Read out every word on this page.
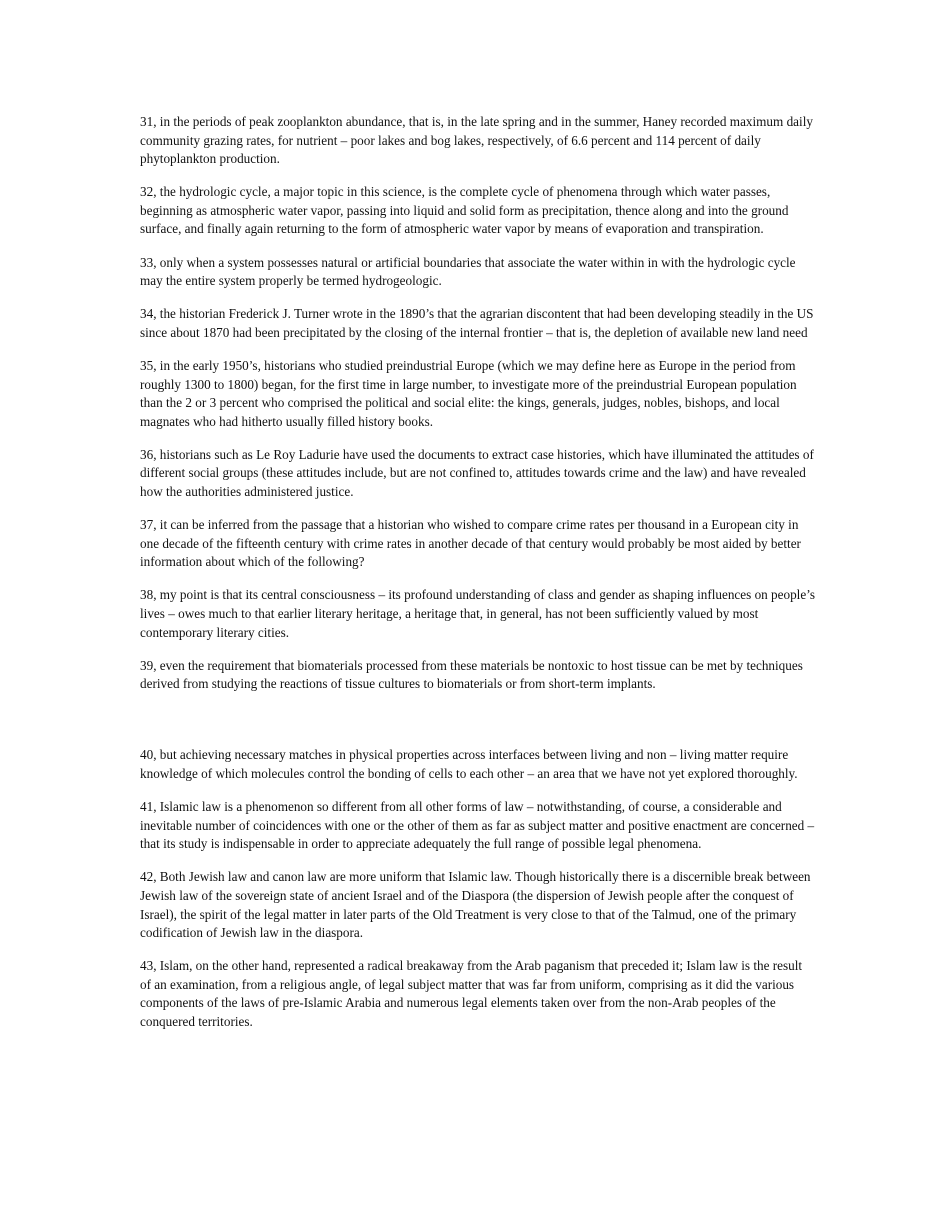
31, in the periods of peak zooplankton abundance, that is, in the late spring and in the summer, Haney recorded maximum daily community grazing rates, for nutrient – poor lakes and bog lakes, respectively, of 6.6 percent and 114 percent of daily phytoplankton production.

32, the hydrologic cycle, a major topic in this science, is the complete cycle of phenomena through which water passes, beginning as atmospheric water vapor, passing into liquid and solid form as precipitation, thence along and into the ground surface, and finally again returning to the form of atmospheric water vapor by means of evaporation and transpiration.

33, only when a system possesses natural or artificial boundaries that associate the water within in with the hydrologic cycle may the entire system properly be termed hydrogeologic.

34, the historian Frederick J. Turner wrote in the 1890’s that the agrarian discontent that had been developing steadily in the US since about 1870 had been precipitated by the closing of the internal frontier – that is, the depletion of available new land need

35, in the early 1950’s, historians who studied preindustrial Europe (which we may define here as Europe in the period from roughly 1300 to 1800) began, for the first time in large number, to investigate more of the preindustrial European population than the 2 or 3 percent who comprised the political and social elite: the kings, generals, judges, nobles, bishops, and local magnates who had hitherto usually filled history books.

36, historians such as Le Roy Ladurie have used the documents to extract case histories, which have illuminated the attitudes of different social groups (these attitudes include, but are not confined to, attitudes towards crime and the law) and have revealed how the authorities administered justice.

37, it can be inferred from the passage that a historian who wished to compare crime rates per thousand in a European city in one decade of the fifteenth century with crime rates in another decade of that century would probably be most aided by better information about which of the following?

38, my point is that its central consciousness – its profound understanding of class and gender as shaping influences on people’s lives – owes much to that earlier literary heritage, a heritage that, in general, has not been sufficiently valued by most contemporary literary cities.

39, even the requirement that biomaterials processed from these materials be nontoxic to host tissue can be met by techniques derived from studying the reactions of tissue cultures to biomaterials or from short-term implants.

40, but achieving necessary matches in physical properties across interfaces between living and non – living matter require knowledge of which molecules control the bonding of cells to each other – an area that we have not yet explored thoroughly.

41, Islamic law is a phenomenon so different from all other forms of law – notwithstanding, of course, a considerable and inevitable number of coincidences with one or the other of them as far as subject matter and positive enactment are concerned – that its study is indispensable in order to appreciate adequately the full range of possible legal phenomena.

42, Both Jewish law and canon law are more uniform that Islamic law. Though historically there is a discernible break between Jewish law of the sovereign state of ancient Israel and of the Diaspora (the dispersion of Jewish people after the conquest of Israel), the spirit of the legal matter in later parts of the Old Treatment is very close to that of the Talmud, one of the primary codification of Jewish law in the diaspora.

43, Islam, on the other hand, represented a radical breakaway from the Arab paganism that preceded it; Islam law is the result of an examination, from a religious angle, of legal subject matter that was far from uniform, comprising as it did the various components of the laws of pre-Islamic Arabia and numerous legal elements taken over from the non-Arab peoples of the conquered territories.
